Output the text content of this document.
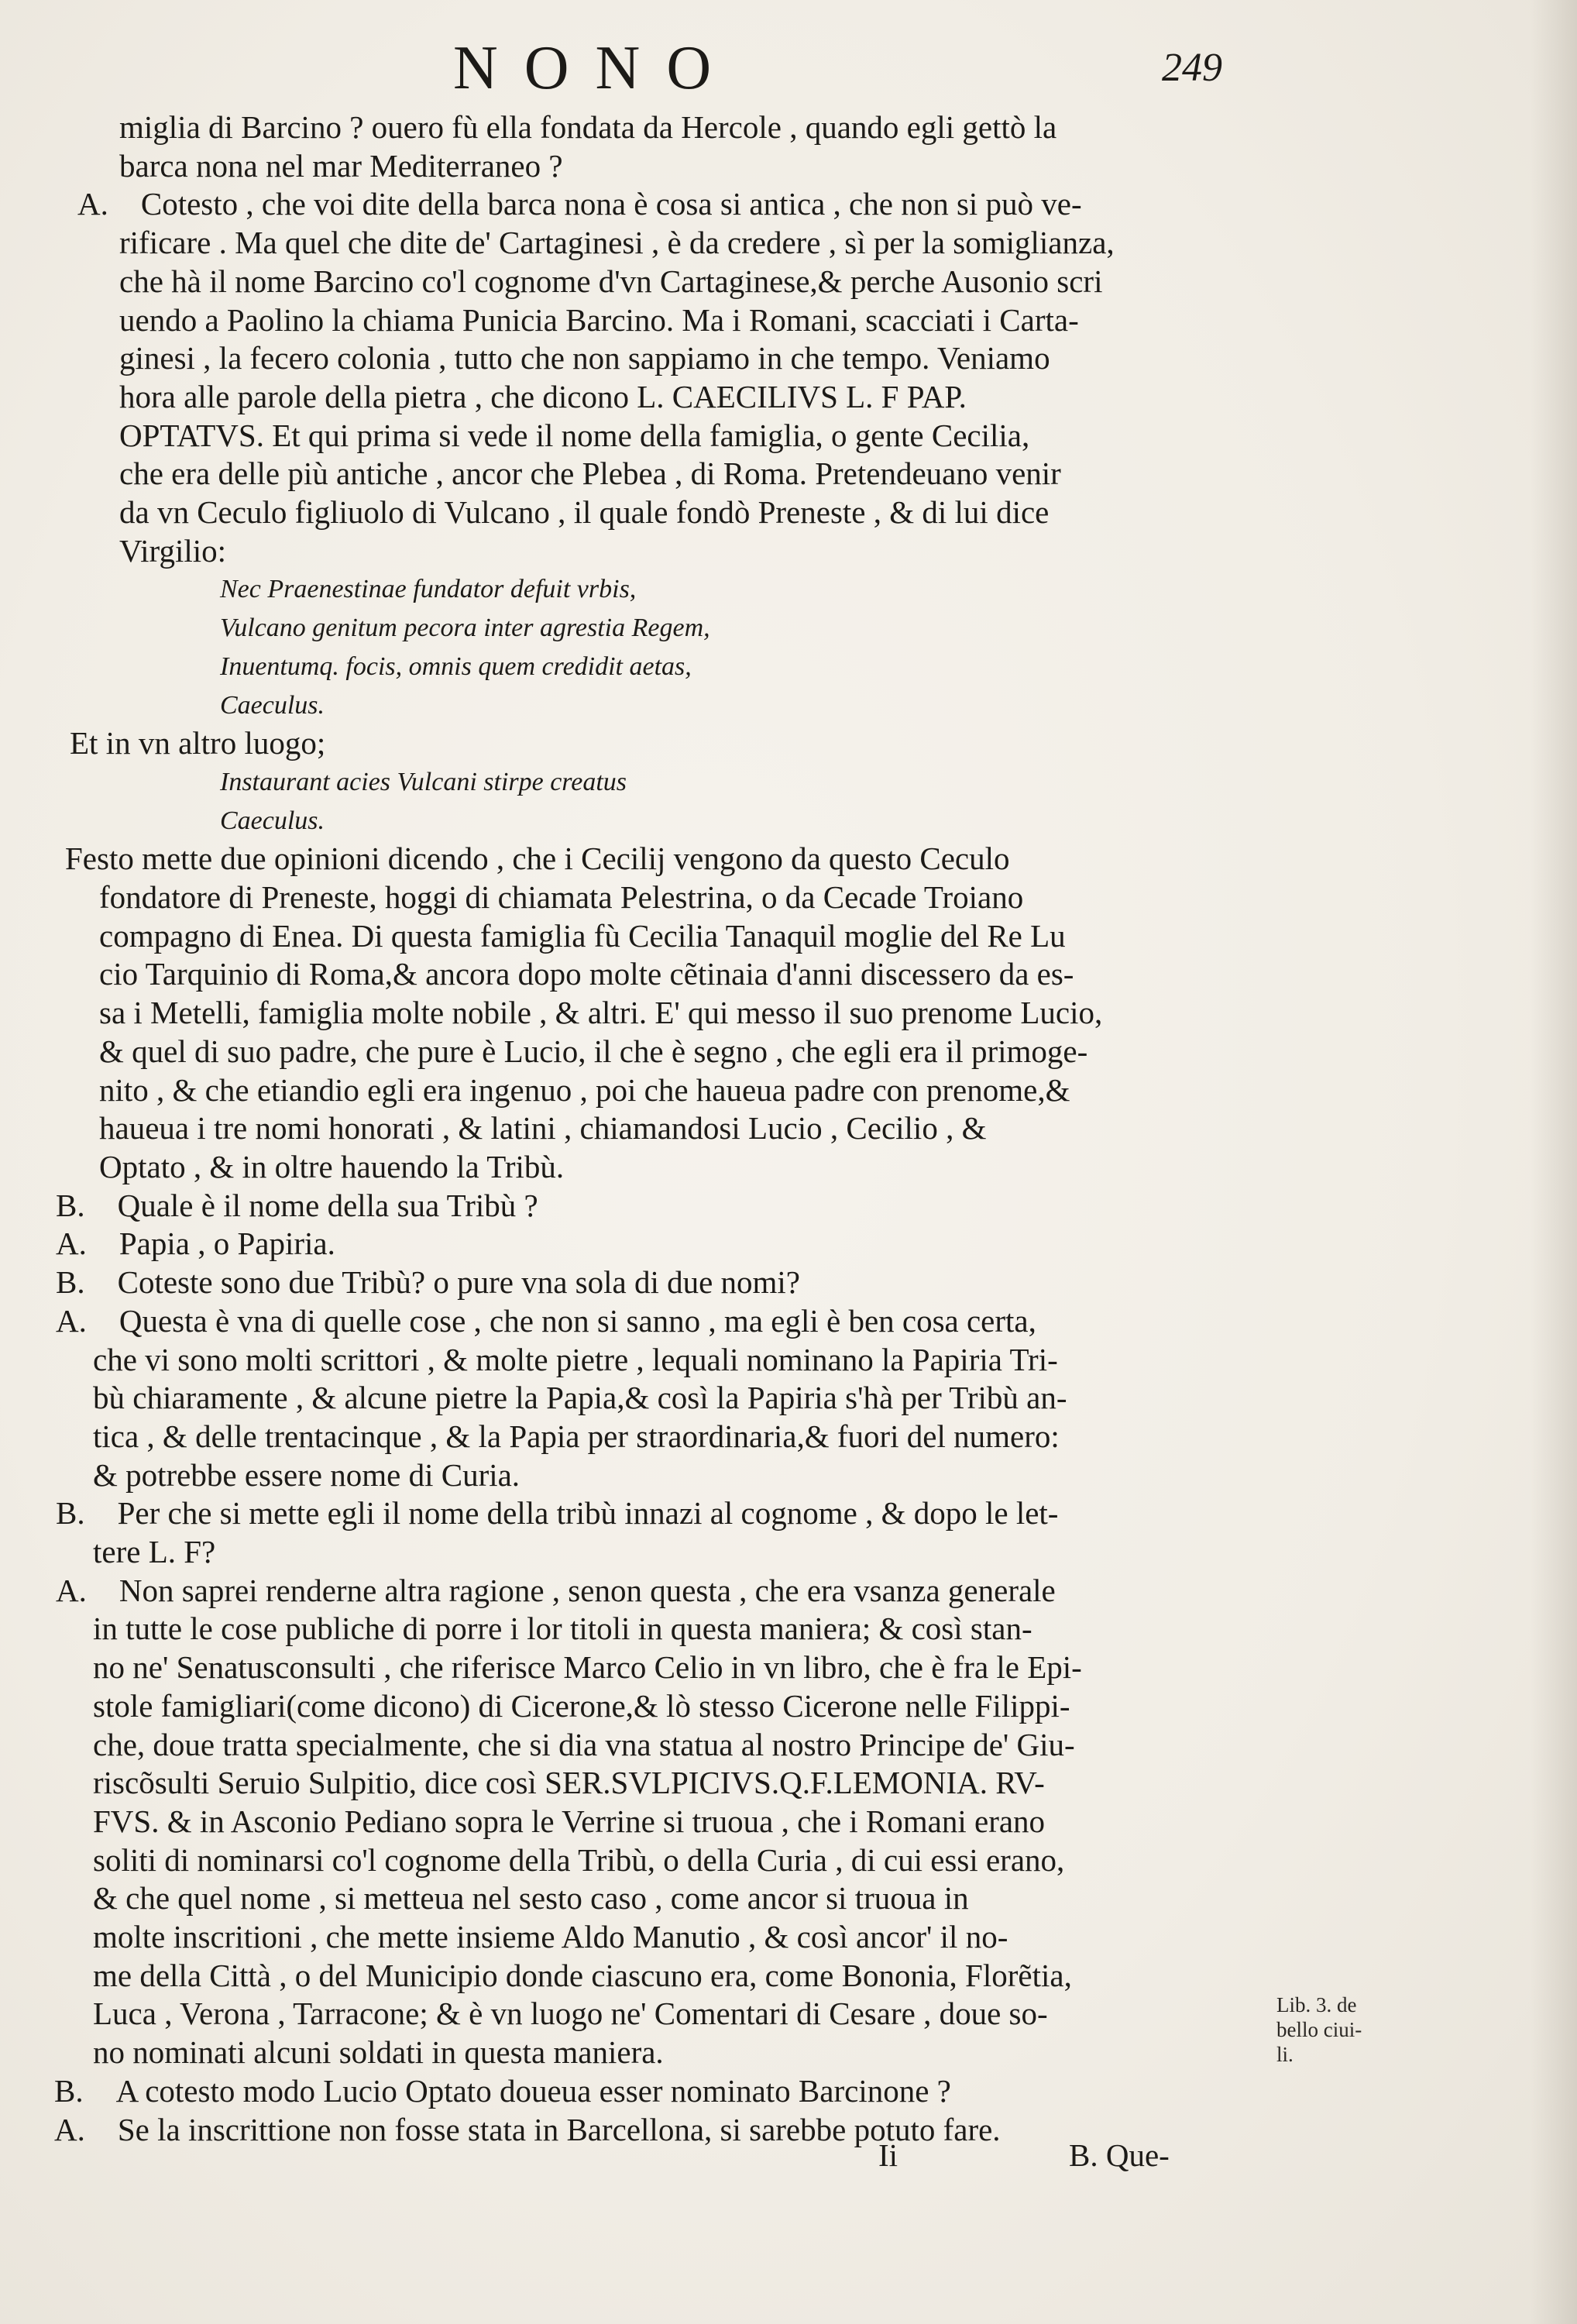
NONO	249
miglia di Barcino ? ouero fù ella fondata da Hercole , quando egli gettò la
barca nona nel mar Mediterraneo ?
A. Cotesto , che voi dite della barca nona è cosa si antica , che non si può ve-
rificare . Ma quel che dite de' Cartaginesi , è da credere , sì per la somiglianza,
che hà il nome Barcino co'l cognome d'vn Cartaginese,& perche Ausonio scri
uendo a Paolino la chiama Punicia Barcino. Ma i Romani, scacciati i Carta-
ginesi , la fecero colonia , tutto che non sappiamo in che tempo. Veniamo
hora alle parole della pietra , che dicono L. CAECILIVS L. F PAP.
OPTATVS. Et qui prima si vede il nome della famiglia, o gente Cecilia,
che era delle più antiche , ancor che Plebea , di Roma. Pretendeuano venir
da vn Ceculo figliuolo di Vulcano , il quale fondò Preneste , & di lui dice
Virgilio:
Nec Praenestinae fundator defuit vrbis,
Vulcano genitum pecora inter agrestia Regem,
Inuentumq. focis, omnis quem credidit aetas,
Caeculus.
Et in vn altro luogo;
Instaurant acies Vulcani stirpe creatus
Caeculus.
Festo mette due opinioni dicendo , che i Cecilij vengono da questo Ceculo
fondatore di Preneste, hoggi di chiamata Pelestrina, o da Cecade Troiano
compagno di Enea. Di questa famiglia fù Cecilia Tanaquil moglie del Re Lu
cio Tarquinio di Roma,& ancora dopo molte cẽtinaia d'anni discessero da es-
sa i Metelli, famiglia molte nobile , & altri. E' qui messo il suo prenome Lucio,
& quel di suo padre, che pure è Lucio, il che è segno , che egli era il primoge-
nito , & che etiandio egli era ingenuo , poi che haueua padre con prenome,&
haueua i tre nomi honorati , & latini , chiamandosi Lucio , Cecilio , &
Optato , & in oltre hauendo la Tribù.
B. Quale è il nome della sua Tribù ?
A. Papia , o Papiria.
B. Coteste sono due Tribù? o pure vna sola di due nomi?
A. Questa è vna di quelle cose , che non si sanno , ma egli è ben cosa certa,
che vi sono molti scrittori , & molte pietre , lequali nominano la Papiria Tri-
bù chiaramente , & alcune pietre la Papia,& così la Papiria s'hà per Tribù an-
tica , & delle trentacinque , & la Papia per straordinaria,& fuori del numero:
& potrebbe essere nome di Curia.
B. Per che si mette egli il nome della tribù innazi al cognome , & dopo le let-
tere L. F?
A. Non saprei renderne altra ragione , senon questa , che era vsanza generale
in tutte le cose publiche di porre i lor titoli in questa maniera; & così stan-
no ne' Senatusconsulti , che riferisce Marco Celio in vn libro, che è fra le Epi-
stole famigliari(come dicono) di Cicerone,& lò stesso Cicerone nelle Filippi-
che, doue tratta specialmente, che si dia vna statua al nostro Principe de' Giu-
riscõsulti Seruio Sulpitio, dice così SER.SVLPICIVS.Q.F.LEMONIA. RV-
FVS. & in Asconio Pediano sopra le Verrine si truoua , che i Romani erano
soliti di nominarsi co'l cognome della Tribù, o della Curia , di cui essi erano,
& che quel nome , si metteua nel sesto caso , come ancor si truoua in
molte inscritioni , che mette insieme Aldo Manutio , & così ancor' il no-
me della Città , o del Municipio donde ciascuno era, come Bononia, Florẽtia,
Luca , Verona , Tarracone; & è vn luogo ne' Comentari di Cesare , doue so-
no nominati alcuni soldati in questa maniera.
B. A cotesto modo Lucio Optato doueua esser nominato Barcinone ?
A. Se la inscrittione non fosse stata in Barcellona, si sarebbe potuto fare.
Lib. 3. de
bello ciui-
li.
Ii	B. Que-
